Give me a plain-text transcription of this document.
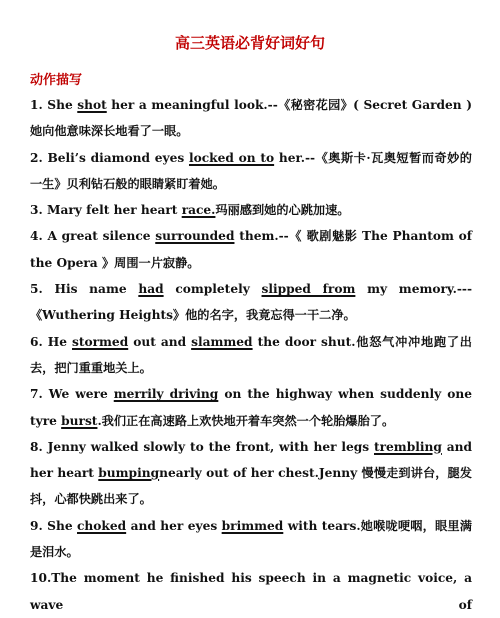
高三英语必背好词好句
动作描写
1. She shot her a meaningful look.--《秘密花园》( Secret Garden ) 她向他意味深长地看了一眼。
2. Beli’s diamond eyes locked on to her.--《奥斯卡·瓦奥短暂而奇妙的一生》贝利钻石般的眼睛紧盯着她。
3. Mary felt her heart race.玛丽感到她的心跳加速。
4. A great silence surrounded them.--《 歌剧魅影 The Phantom of the Opera 》周围一片寂静。
5. His name had completely slipped from my memory.---《Wuthering Heights》他的名字，我竟忘得一干二净。
6. He stormed out and slammed the door shut.他怒气冲冲地跑了出去，把门重重地关上。
7. We were merrily driving on the highway when suddenly one tyre burst.我们正在高速路上欢快地开着车突然一个轮胎爆胎了。
8. Jenny walked slowly to the front, with her legs trembling and her heart bumpingnearly out of her chest.Jenny 慢慢走到讲台，腿发抖，心都快跳出来了。
9. She choked and her eyes brimmed with tears.她喉咙哽咽，眼里满是泪水。
10.The moment he finished his speech in a magnetic voice, a wave of
